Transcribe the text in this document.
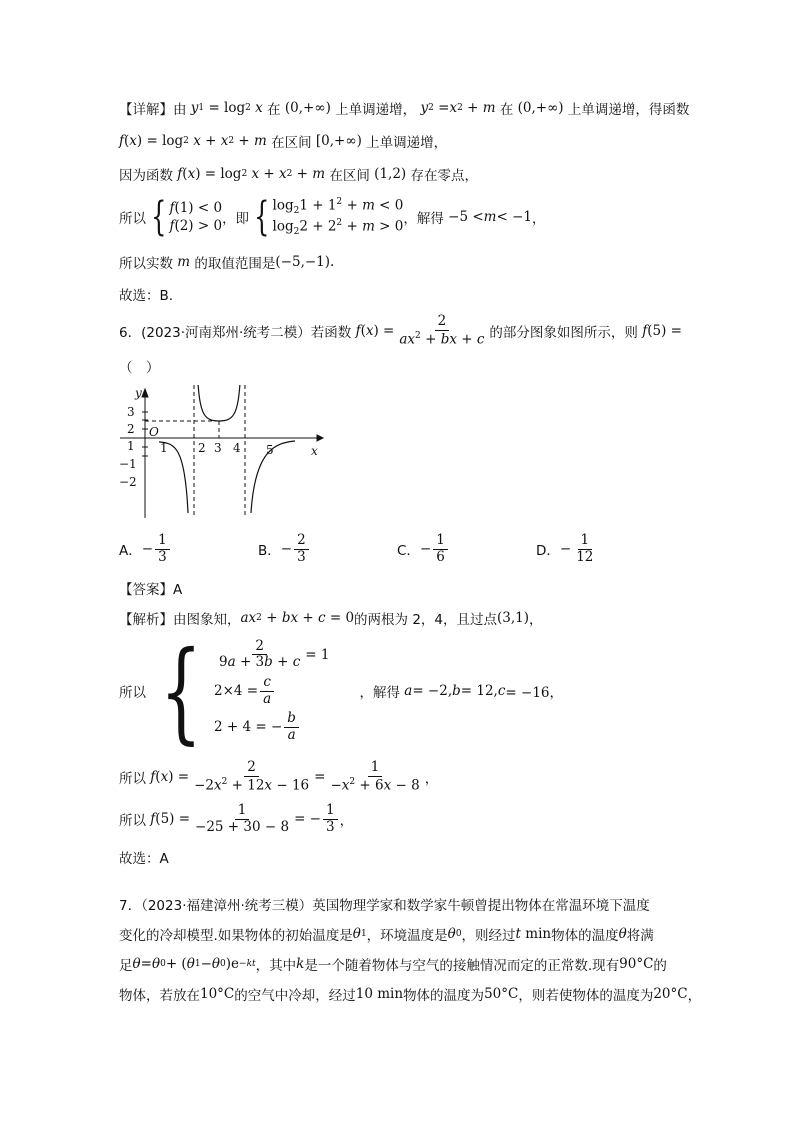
【详解】由 y 1 = log 2
x
在 (0,+∞) 上单调递增，
y 2 = x 2 + m
在 (0,+∞) 上单调递增，得函数
f ( x ) = log 2
x + x 2 + m
在区间 [0,+∞) 上单调递增，
因为函数
f ( x ) = log 2
x + x 2 + m
在区间 (1,2) 存在零点，
所以 { f(1) < 0
f(2) > 0 ，即 { $\log_21 + 1^2 + m < 0$
$\log_22 + 2^2 + m > 0$ ，解得 −5 < m < −1 ，
所以实数
m
的取值范围是 (−5,−1).
故选：B.
6．(2023·河南郑州·统考二模）若函数
f ( x ) = $\frac{2}{ax^2 + bx + c}$ 的部分图象如图所示，则
f (5) =
（　）
y
x
O
3
2
1
−1
−2
1	2 3 4 5
A． − $\frac{1}{3}$	B． − $\frac{2}{3}$	C． − $\frac{1}{6}$	D． − $\frac{1}{12}$
【答案】A
【解析】由图象知， ax 2 + bx + c = 0 的两根为 2，4，且过点 (3,1) ，
所以 { $\frac{2}{9a + 3b + c} = 1$
$2\times 4 = \frac{c}{a}$
2 + 4 = − $\frac{b}{a}$
，解得
a = −2, b = 12, c = −16，
所以
f ( x ) = $\frac{2}{-2x^2 + 12x - 16} = \frac{1}{-x^2 + 6x - 8}$ ，
所以
f $(5) = \frac{1}{-25 + 30 - 8}$ = − $\frac{1}{3}$ ，
故选：A
7．（2023·福建漳州·统考三模）英国物理学家和数学家牛顿曾提出物体在常温环境下温度
变化的冷却模型.如果物体的初始温度是 θ 1 ，环境温度是 θ 0 ，则经过 t min 物体的温度 θ 将满
足 θ = θ 0 + ( θ 1 − θ 0 )e −kt ，其中 k 是一个随着物体与空气的接触情况而定的正常数.现有 90°C 的
物体，若放在 10°C 的空气中冷却，经过 10 min 物体的温度为 50°C ，则若使物体的温度为 20°C ，
